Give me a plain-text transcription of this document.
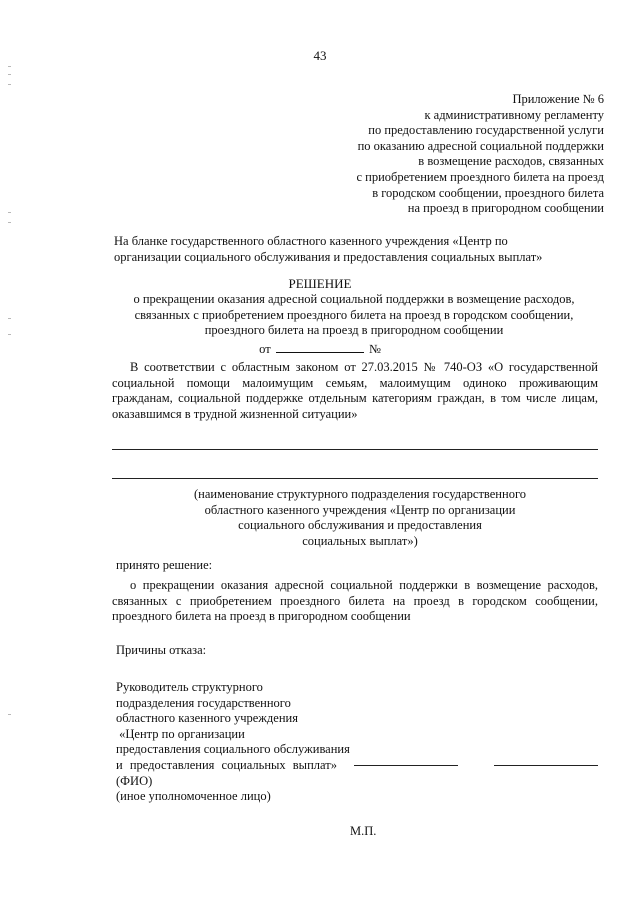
43
Приложение № 6
к административному регламенту
по предоставлению государственной услуги
по оказанию адресной социальной поддержки
в возмещение расходов, связанных
с приобретением проездного билета на проезд
в городском сообщении, проездного билета
на проезд в пригородном сообщении
На бланке государственного областного казенного учреждения «Центр по
организации социального обслуживания и предоставления социальных выплат»
РЕШЕНИЕ
о прекращении оказания адресной социальной поддержки в возмещение расходов,
связанных с приобретением проездного билета на проезд в городском сообщении,
проездного билета на проезд в пригородном сообщении
от	№
В соответствии с областным законом от 27.03.2015 № 740-ОЗ «О государственной социальной помощи малоимущим семьям, малоимущим одиноко проживающим гражданам, социальной поддержке отдельным категориям граждан, в том числе лицам, оказавшимся в трудной жизненной ситуации»
(наименование структурного подразделения государственного
областного казенного учреждения «Центр по организации
социального обслуживания и предоставления
социальных выплат»)
принято решение:
о прекращении оказания адресной социальной поддержки в возмещение расходов, связанных с приобретением проездного билета на проезд в городском сообщении, проездного билета на проезд в пригородном сообщении
Причины отказа:
Руководитель структурного
подразделения государственного
областного казенного учреждения
«Центр по организации
предоставления социального обслуживания
и предоставления социальных выплат»
(ФИО)
(иное уполномоченное лицо)
М.П.
